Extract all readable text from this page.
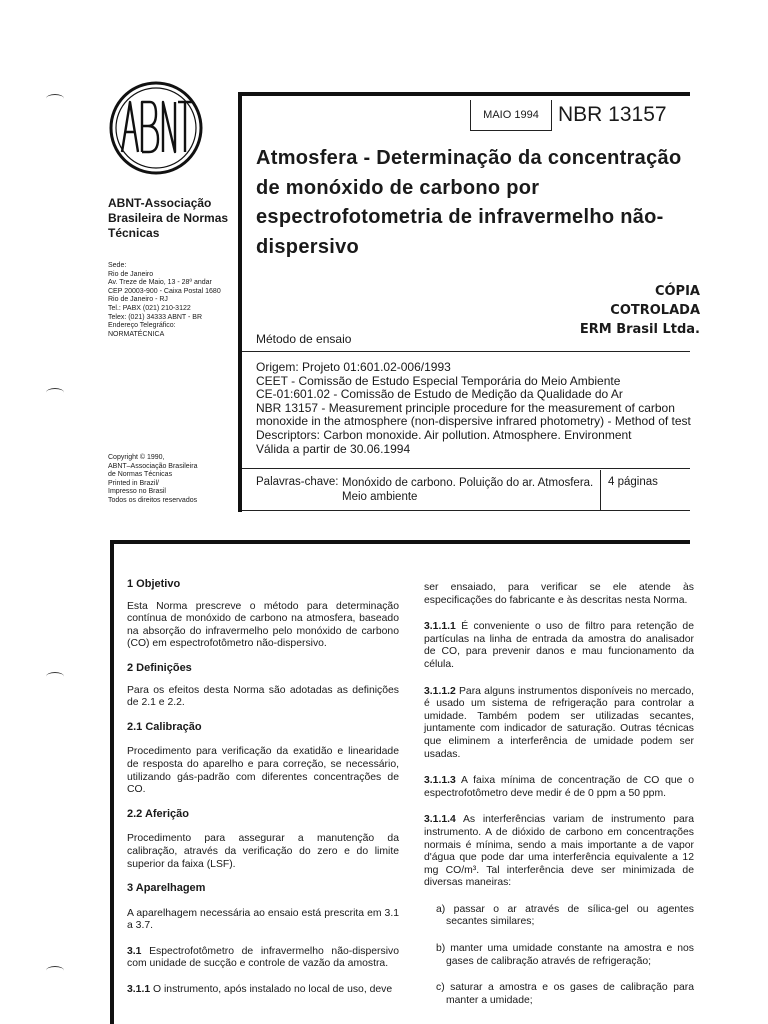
ABNT-Associação Brasileira de Normas Técnicas
Sede:
Rio de Janeiro
Av. Treze de Maio, 13 - 28º andar
CEP 20003-900 - Caixa Postal 1680
Rio de Janeiro - RJ
Tel.: PABX (021) 210-3122
Telex: (021) 34333 ABNT - BR
Endereço Telegráfico:
NORMATÉCNICA
Copyright © 1990,
ABNT–Associação Brasileira
de Normas Técnicas
Printed in Brazil/
Impresso no Brasil
Todos os direitos reservados
MAIO 1994 NBR 13157
Atmosfera - Determinação da concentração de monóxido de carbono por espectrofotometria de infravermelho não-dispersivo
CÓPIA
COTROLADA
ERM Brasil Ltda.
Método de ensaio
Origem: Projeto 01:601.02-006/1993
CEET - Comissão de Estudo Especial Temporária do Meio Ambiente
CE-01:601.02 - Comissão de Estudo de Medição da Qualidade do Ar
NBR 13157 - Measurement principle procedure for the measurement of carbon
monoxide in the atmosphere (non-dispersive infrared photometry) - Method of test
Descriptors: Carbon monoxide. Air pollution. Atmosphere. Environment
Válida a partir de 30.06.1994
Palavras-chave: Monóxido de carbono. Poluição do ar. Atmosfera. Meio ambiente
4 páginas

1 Objetivo

Esta Norma prescreve o método para determinação contínua de monóxido de carbono na atmosfera, baseado na absorção do infravermelho pelo monóxido de carbono (CO) em espectrofotômetro não-dispersivo.

2 Definições

Para os efeitos desta Norma são adotadas as definições de 2.1 e 2.2.

2.1 Calibração

Procedimento para verificação da exatidão e linearidade de resposta do aparelho e para correção, se necessário, utilizando gás-padrão com diferentes concentrações de CO.

2.2 Aferição

Procedimento para assegurar a manutenção da calibração, através da verificação do zero e do limite superior da faixa (LSF).

3 Aparelhagem

A aparelhagem necessária ao ensaio está prescrita em 3.1 a 3.7.

3.1 Espectrofotômetro de infravermelho não-dispersivo com unidade de sucção e controle de vazão da amostra.

3.1.1 O instrumento, após instalado no local de uso, deve

ser ensaiado, para verificar se ele atende às especificações do fabricante e às descritas nesta Norma.

3.1.1.1 É conveniente o uso de filtro para retenção de partículas na linha de entrada da amostra do analisador de CO, para prevenir danos e mau funcionamento da célula.

3.1.1.2 Para alguns instrumentos disponíveis no mercado, é usado um sistema de refrigeração para controlar a umidade. Também podem ser utilizadas secantes, juntamente com indicador de saturação. Outras técnicas que eliminem a interferência de umidade podem ser usadas.

3.1.1.3 A faixa mínima de concentração de CO que o espectrofotômetro deve medir é de 0 ppm a 50 ppm.

3.1.1.4 As interferências variam de instrumento para instrumento. A de dióxido de carbono em concentrações normais é mínima, sendo a mais importante a de vapor d'água que pode dar uma interferência equivalente a 12 mg CO/m³. Tal interferência deve ser minimizada de diversas maneiras:

a) passar o ar através de sílica-gel ou agentes secantes similares;

b) manter uma umidade constante na amostra e nos gases de calibração através de refrigeração;

c) saturar a amostra e os gases de calibração para manter a umidade;
